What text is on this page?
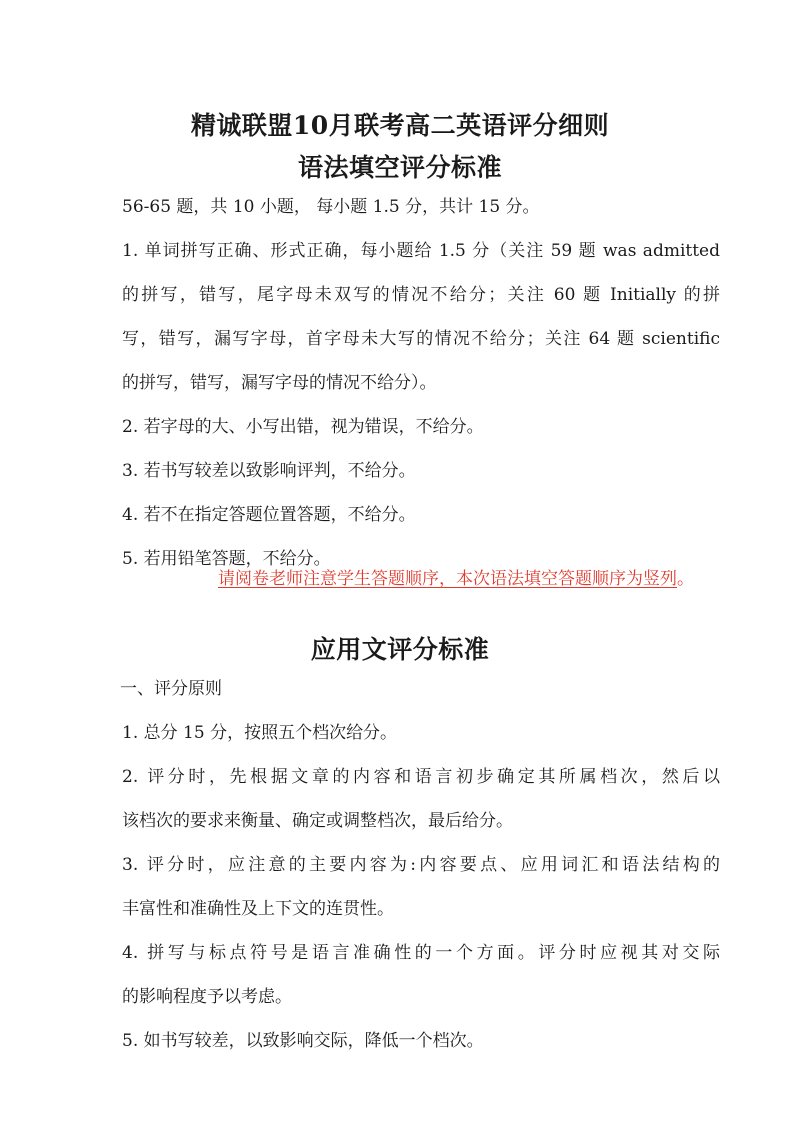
精诚联盟10月联考高二英语评分细则
语法填空评分标准

56-65 题，共 10 小题， 每小题 1.5 分，共计 15 分。

1. 单词拼写正确、形式正确，每小题给 1.5 分（关注 59 题 was admitted

的拼写，错写，尾字母未双写的情况不给分；关注 60 题 Initially 的拼

写，错写，漏写字母，首字母未大写的情况不给分；关注 64 题 scientific

的拼写，错写，漏写字母的情况不给分）。

2. 若字母的大、小写出错，视为错误，不给分。

3. 若书写较差以致影响评判，不给分。

4. 若不在指定答题位置答题，不给分。

5. 若用铅笔答题，不给分。

请阅卷老师注意学生答题顺序，本次语法填空答题顺序为竖列。

应用文评分标准

一、评分原则

1. 总分 15 分，按照五个档次给分。

2. 评分时，先根据文章的内容和语言初步确定其所属档次，然后以

该档次的要求来衡量、确定或调整档次，最后给分。

3. 评分时，应注意的主要内容为:内容要点、应用词汇和语法结构的

丰富性和准确性及上下文的连贯性。

4. 拼写与标点符号是语言准确性的一个方面。评分时应视其对交际

的影响程度予以考虑。

5. 如书写较差，以致影响交际，降低一个档次。
